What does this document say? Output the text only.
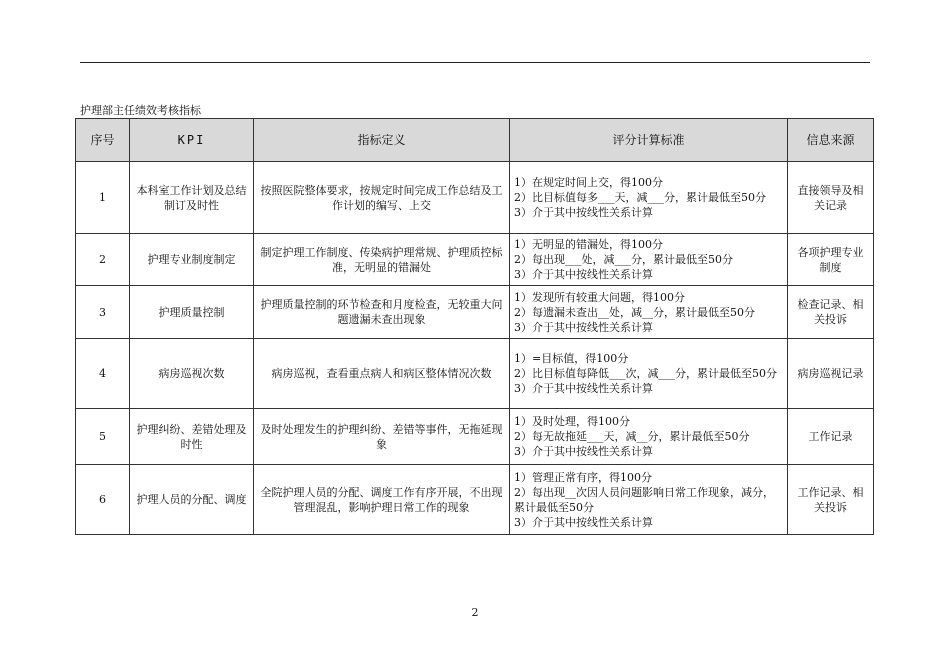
护理部主任绩效考核指标
序号	KPI	指标定义	评分计算标准	信息来源
1	本科室工作计划及总结制订及时性	按照医院整体要求，按规定时间完成工作总结及工作计划的编写、上交	1）在规定时间上交，得100分
2）比目标值每多___天，减___分，累计最低至50分
3）介于其中按线性关系计算	直接领导及相关记录
2	护理专业制度制定	制定护理工作制度、传染病护理常规、护理质控标准，无明显的错漏处	1）无明显的错漏处，得100分
2）每出现___处，减___分，累计最低至50分
3）介于其中按线性关系计算	各项护理专业制度
3	护理质量控制	护理质量控制的环节检查和月度检查，无较重大问题遗漏未查出现象	1）发现所有较重大问题，得100分
2）每遗漏未查出__处，减__分，累计最低至50分
3）介于其中按线性关系计算	检查记录、相关投诉
4	病房巡视次数	病房巡视，查看重点病人和病区整体情况次数	1）=目标值，得100分
2）比目标值每降低___次，减___分，累计最低至50分
3）介于其中按线性关系计算	病房巡视记录
5	护理纠纷、差错处理及时性	及时处理发生的护理纠纷、差错等事件，无拖延现象	1）及时处理，得100分
2）每无故拖延___天，减__分，累计最低至50分
3）介于其中按线性关系计算	工作记录
6	护理人员的分配、调度	全院护理人员的分配、调度工作有序开展，不出现管理混乱，影响护理日常工作的现象	1）管理正常有序，得100分
2）每出现__次因人员问题影响日常工作现象，减分，累计最低至50分
3）介于其中按线性关系计算	工作记录、相关投诉
2
